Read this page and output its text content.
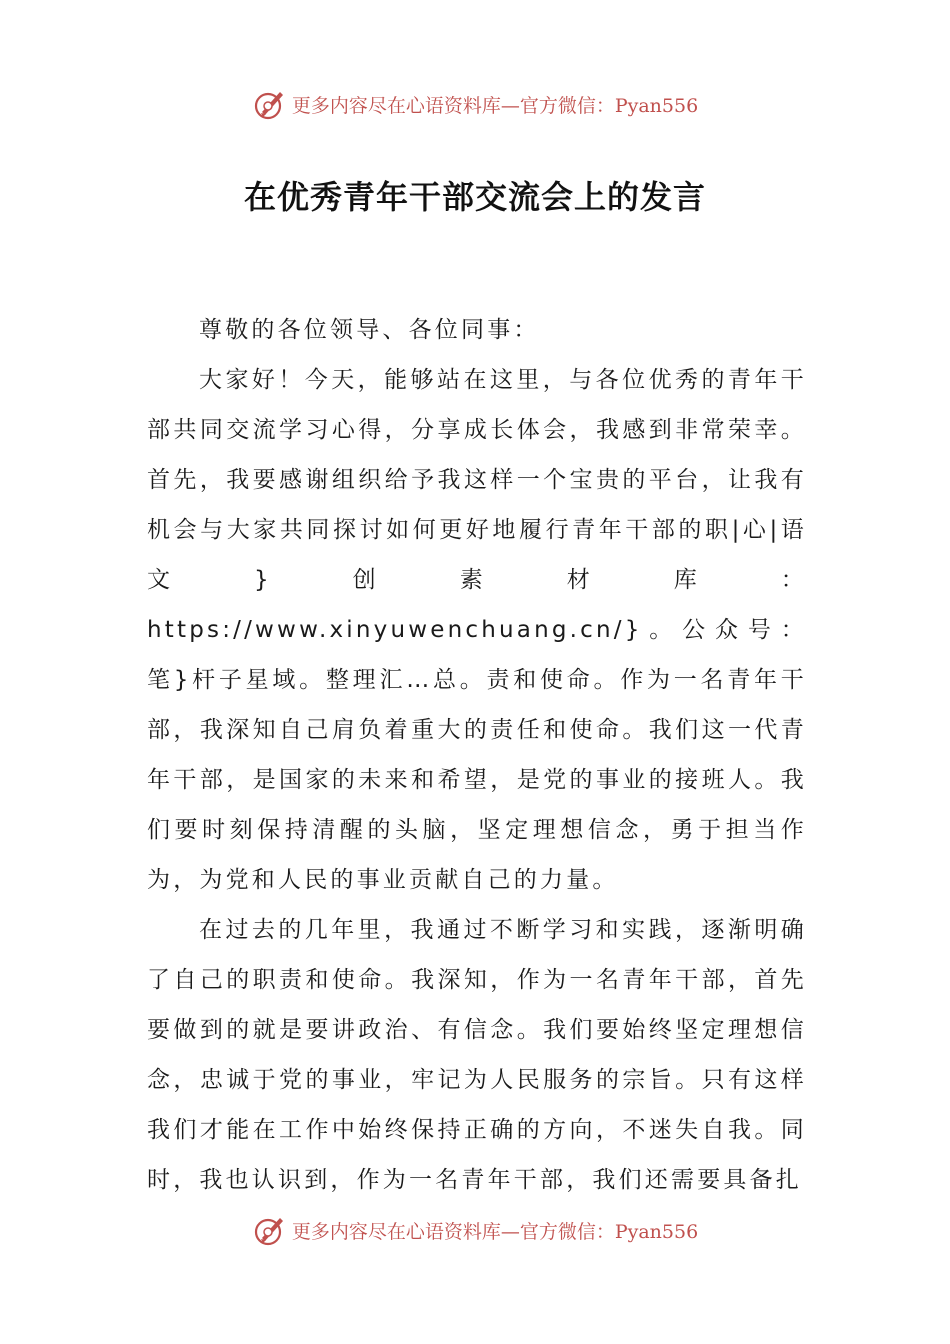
更多内容尽在心语资料库—官方微信：Pyan556
在优秀青年干部交流会上的发言

尊敬的各位领导、各位同事：

大家好！今天，能够站在这里，与各位优秀的青年干部共同交流学习心得，分享成长体会，我感到非常荣幸。首先，我要感谢组织给予我这样一个宝贵的平台，让我有机会与大家共同探讨如何更好地履行青年干部的职|心|语文}创素材库：https://www.xinyuwenchuang.cn/}。公众号：笔}杆子星域。整理汇…总。责和使命。作为一名青年干部，我深知自己肩负着重大的责任和使命。我们这一代青年干部，是国家的未来和希望，是党的事业的接班人。我们要时刻保持清醒的头脑，坚定理想信念，勇于担当作为，为党和人民的事业贡献自己的力量。

在过去的几年里，我通过不断学习和实践，逐渐明确了自己的职责和使命。我深知，作为一名青年干部，首先要做到的就是要讲政治、有信念。我们要始终坚定理想信念，忠诚于党的事业，牢记为人民服务的宗旨。只有这样我们才能在工作中始终保持正确的方向，不迷失自我。同时，我也认识到，作为一名青年干部，我们还需要具备扎

更多内容尽在心语资料库—官方微信：Pyan556
